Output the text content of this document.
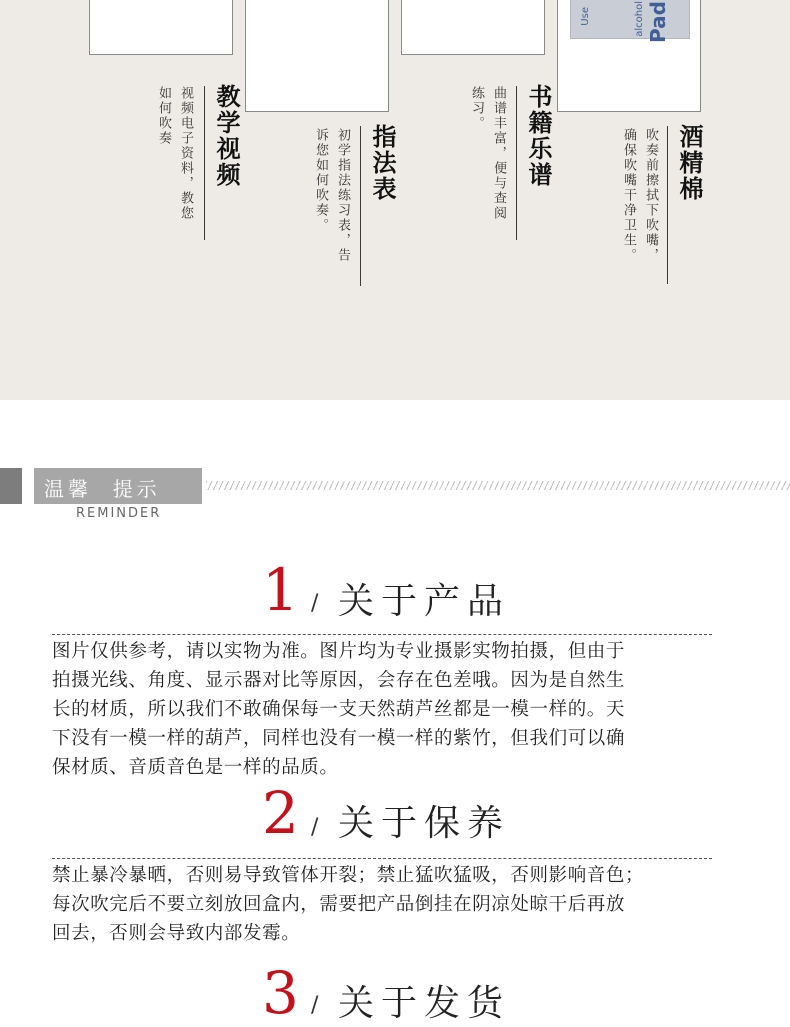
Pad
alcohol
Use
视频电子资料，教您
如何吹奏	教学视频	初学指法练习表，告
诉您如何吹奏。	指法表	曲谱丰富，便与查阅
练习。	书籍乐谱	吹奏前擦拭下吹嘴，
确保吹嘴干净卫生。	酒精棉
温馨  提示
REMINDER
1 / 关于产品
图片仅供参考，请以实物为准。图片均为专业摄影实物拍摄，但由于
拍摄光线、角度、显示器对比等原因，会存在色差哦。因为是自然生
长的材质，所以我们不敢确保每一支天然葫芦丝都是一模一样的。天
下没有一模一样的葫芦，同样也没有一模一样的紫竹，但我们可以确
保材质、音质音色是一样的品质。
2 / 关于保养
禁止暴冷暴晒，否则易导致管体开裂；禁止猛吹猛吸，否则影响音色；
每次吹完后不要立刻放回盒内，需要把产品倒挂在阴凉处晾干后再放
回去，否则会导致内部发霉。
3 / 关于发货
